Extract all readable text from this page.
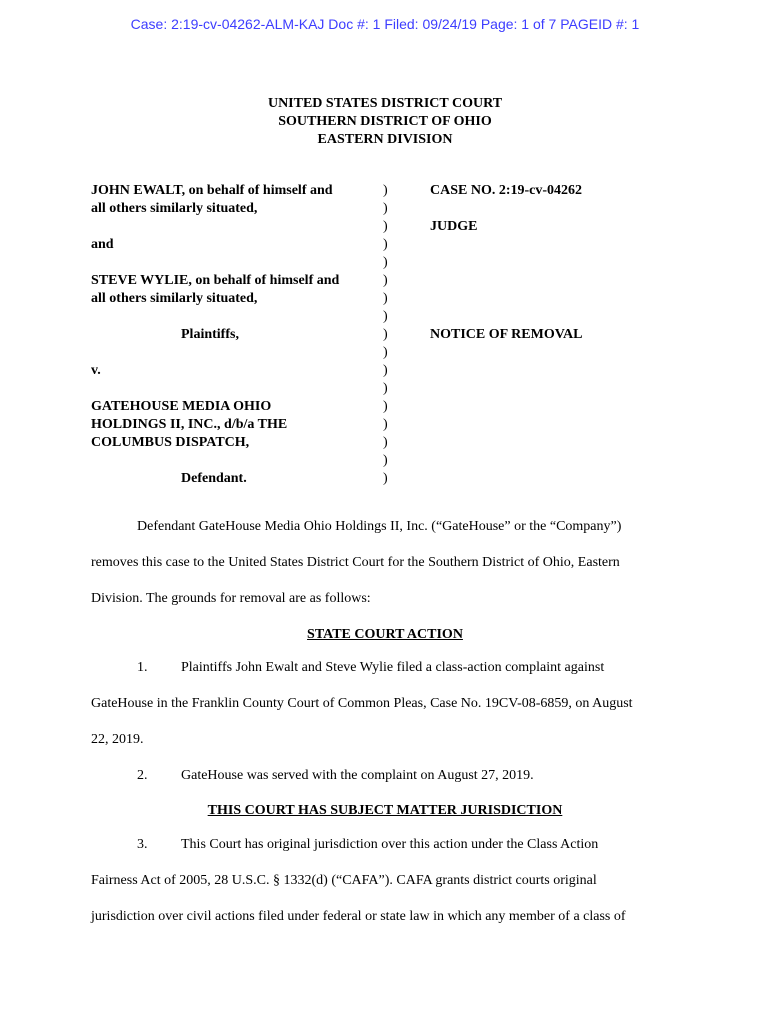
Case: 2:19-cv-04262-ALM-KAJ Doc #: 1 Filed: 09/24/19 Page: 1 of 7 PAGEID #: 1
UNITED STATES DISTRICT COURT
SOUTHERN DISTRICT OF OHIO
EASTERN DIVISION
JOHN EWALT, on behalf of himself and
all others similarly situated,
and
STEVE WYLIE, on behalf of himself and
all others similarly situated,
Plaintiffs,
v.
GATEHOUSE MEDIA OHIO
HOLDINGS II, INC., d/b/a THE
COLUMBUS DISPATCH,
Defendant.
)
)
)
)
)
)
)
)
)
)
)
)
)
)
)
)
)
CASE NO. 2:19-cv-04262
JUDGE
NOTICE OF REMOVAL
Defendant GateHouse Media Ohio Holdings II, Inc. (“GateHouse” or the “Company”)
removes this case to the United States District Court for the Southern District of Ohio, Eastern
Division. The grounds for removal are as follows:
STATE COURT ACTION
1. Plaintiffs John Ewalt and Steve Wylie filed a class-action complaint against
GateHouse in the Franklin County Court of Common Pleas, Case No. 19CV-08-6859, on August
22, 2019.
2. GateHouse was served with the complaint on August 27, 2019.
THIS COURT HAS SUBJECT MATTER JURISDICTION
3. This Court has original jurisdiction over this action under the Class Action
Fairness Act of 2005, 28 U.S.C. § 1332(d) (“CAFA”). CAFA grants district courts original
jurisdiction over civil actions filed under federal or state law in which any member of a class of
